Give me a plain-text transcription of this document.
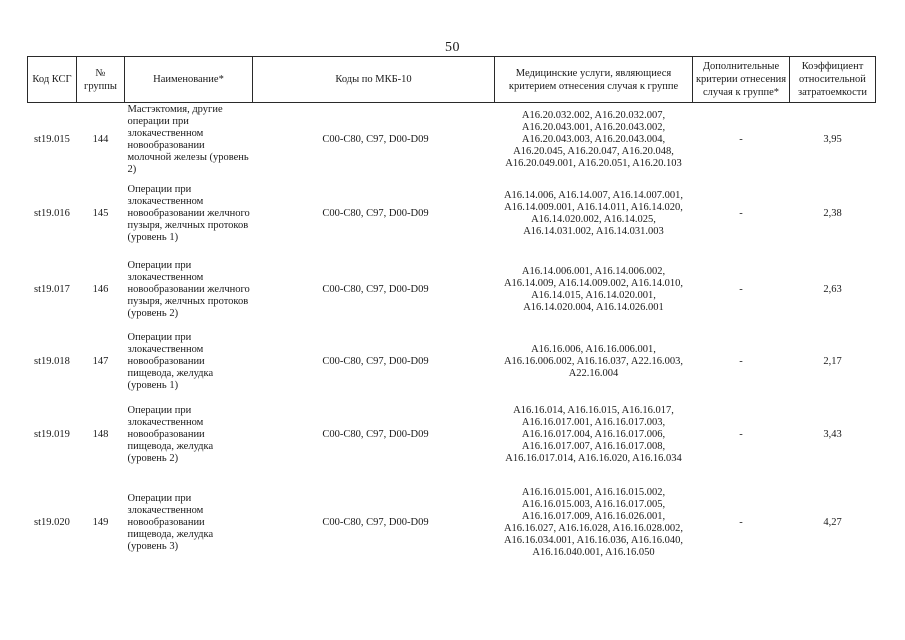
50
Код КСГ	№ группы	Наименование*	Коды по МКБ-10	Медицинские услуги, являющиеся критерием отнесения случая к группе	Дополнительные критерии отнесения случая к группе*	Коэффициент относительной затратоемкости
st19.015	144	Мастэктомия, другие операции при злокачественном новообразовании молочной железы (уровень 2)	C00-C80, C97, D00-D09	A16.20.032.002, A16.20.032.007, A16.20.043.001, A16.20.043.002, A16.20.043.003, A16.20.043.004, A16.20.045, A16.20.047, A16.20.048, A16.20.049.001, A16.20.051, A16.20.103	-	3,95
st19.016	145	Операции при злокачественном новообразовании желчного пузыря, желчных протоков (уровень 1)	C00-C80, C97, D00-D09	A16.14.006, A16.14.007, A16.14.007.001, A16.14.009.001, A16.14.011, A16.14.020, A16.14.020.002, A16.14.025, A16.14.031.002, A16.14.031.003	-	2,38
st19.017	146	Операции при злокачественном новообразовании желчного пузыря, желчных протоков (уровень 2)	C00-C80, C97, D00-D09	A16.14.006.001, A16.14.006.002, A16.14.009, A16.14.009.002, A16.14.010, A16.14.015, A16.14.020.001, A16.14.020.004, A16.14.026.001	-	2,63
st19.018	147	Операции при злокачественном новообразовании пищевода, желудка (уровень 1)	C00-C80, C97, D00-D09	A16.16.006, A16.16.006.001, A16.16.006.002, A16.16.037, A22.16.003, A22.16.004	-	2,17
st19.019	148	Операции при злокачественном новообразовании пищевода, желудка (уровень 2)	C00-C80, C97, D00-D09	A16.16.014, A16.16.015, A16.16.017, A16.16.017.001, A16.16.017.003, A16.16.017.004, A16.16.017.006, A16.16.017.007, A16.16.017.008, A16.16.017.014, A16.16.020, A16.16.034	-	3,43
st19.020	149	Операции при злокачественном новообразовании пищевода, желудка (уровень 3)	C00-C80, C97, D00-D09	A16.16.015.001, A16.16.015.002, A16.16.015.003, A16.16.017.005, A16.16.017.009, A16.16.026.001, A16.16.027, A16.16.028, A16.16.028.002, A16.16.034.001, A16.16.036, A16.16.040, A16.16.040.001, A16.16.050	-	4,27
